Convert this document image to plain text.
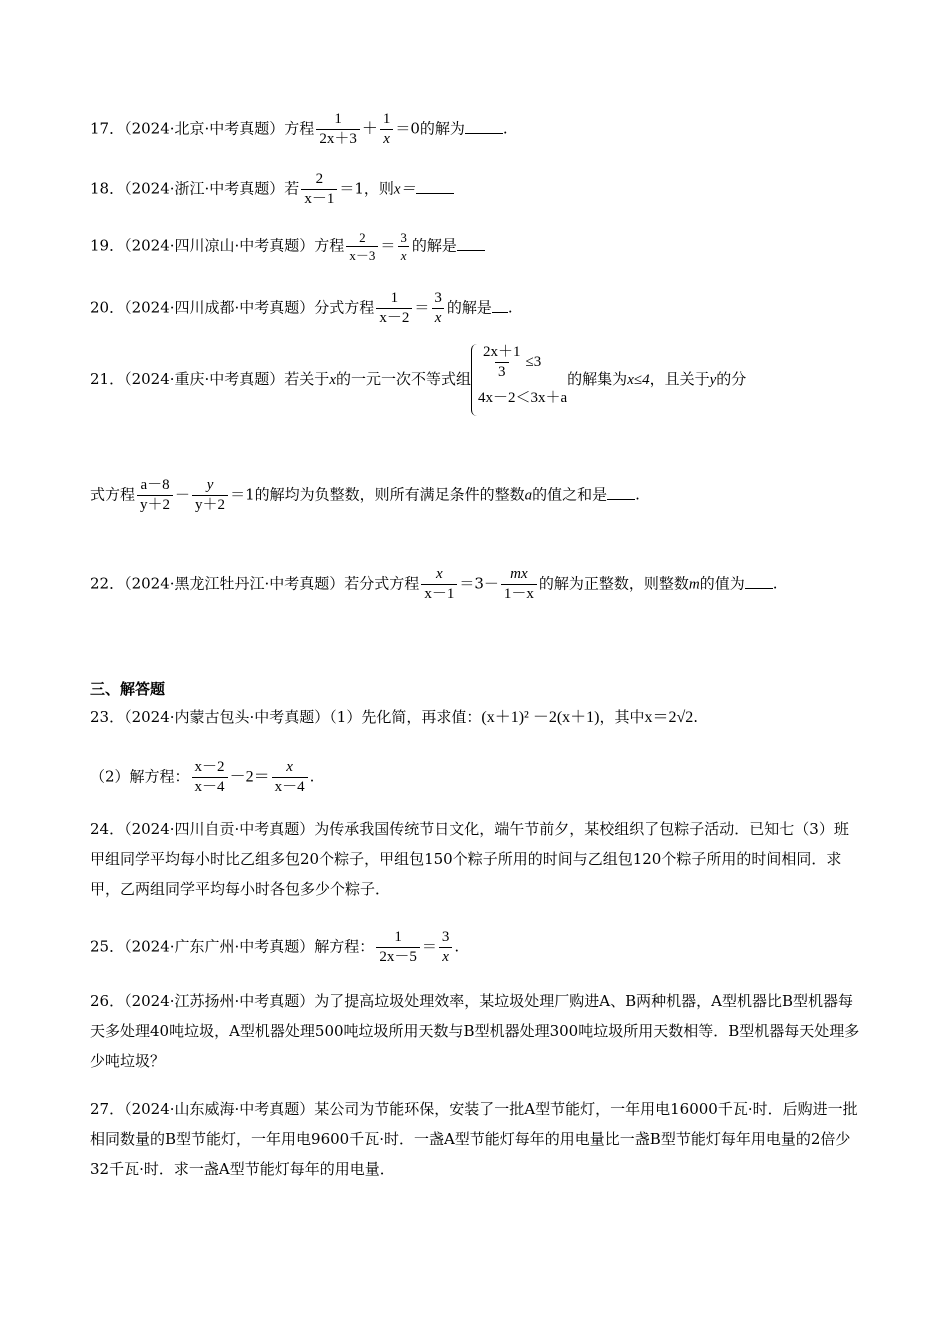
17．（2024·北京·中考真题）方程 $\frac{1}{2x+3} + \frac{1}{x} =0$的解为	.
18．（2024·浙江·中考真题）若 $\frac{2}{x-1} =1$，则x＝
19．（2024·四川凉山·中考真题）方程 $\frac{2}{x-3} = \frac{3}{x}$ 的解是
20．（2024·四川成都·中考真题）分式方程 $\frac{1}{x-2} = \frac{3}{x}$ 的解是 .
21．（2024·重庆·中考真题）若关于x的一元一次不等式组 $\frac{2x+1}{3} \le 3$
4x－2＜3x＋a
的解集为x≤4，且关于y的分
式方程 $\frac{a-8}{y+2} - \frac{y}{y+2} =1$的解均为负整数，则所有满足条件的整数a的值之和是 .
22．（2024·黑龙江牡丹江·中考真题）若分式方程 $\frac{x}{x-1} =3- \frac{mx}{1-x}$ 的解为正整数，则整数m的值为 .
三、解答题
23．（2024·内蒙古包头·中考真题）（1）先化简，再求值：(x＋1)² －2(x＋1)，其中x＝2√2.
（2）解方程： $\frac{x-2}{x-4} -2= \frac{x}{x-4}$ .
24．（2024·四川自贡·中考真题）为传承我国传统节日文化，端午节前夕，某校组织了包粽子活动．已知七（3）班甲组同学平均每小时比乙组多包20个粽子，甲组包150个粽子所用的时间与乙组包120个粽子所用的时间相同．求甲，乙两组同学平均每小时各包多少个粽子．
25．（2024·广东广州·中考真题）解方程： $\frac{1}{2x-5} = \frac{3}{x}$ .
26．（2024·江苏扬州·中考真题）为了提高垃圾处理效率，某垃圾处理厂购进A、B两种机器，A型机器比B型机器每天多处理40吨垃圾，A型机器处理500吨垃圾所用天数与B型机器处理300吨垃圾所用天数相等．B型机器每天处理多少吨垃圾？
27．（2024·山东威海·中考真题）某公司为节能环保，安装了一批A型节能灯，一年用电16000千瓦·时．后购进一批相同数量的B型节能灯，一年用电9600千瓦·时．一盏A型节能灯每年的用电量比一盏B型节能灯每年用电量的2倍少32千瓦·时．求一盏A型节能灯每年的用电量．
